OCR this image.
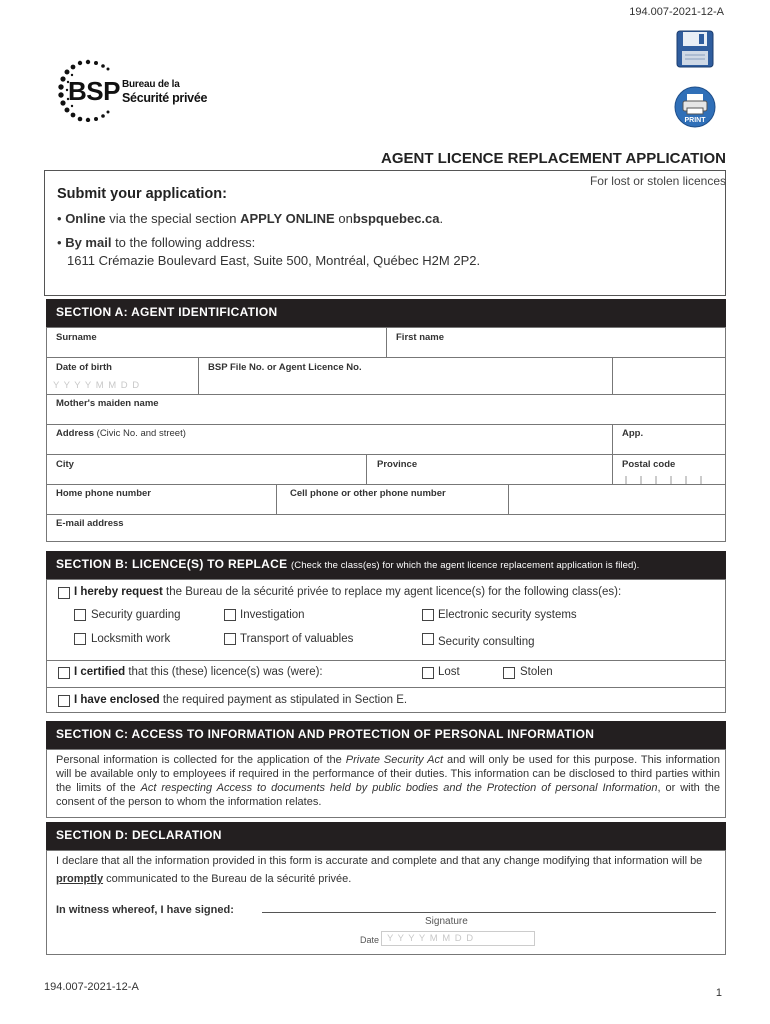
194.007-2021-12-A
BSP Bureau de la
Sécurité privée
PRINT
AGENT LICENCE REPLACEMENT APPLICATION
Submit your application:
• Online via the special section APPLY ONLINE onbspquebec.ca.
• By mail to the following address:
1611 Crémazie Boulevard East, Suite 500, Montréal, Québec H2M 2P2.
For lost or stolen licences
SECTION A: AGENT IDENTIFICATION
Surname	First name
Date of birth
Y Y Y Y M M D D
BSP File No. or Agent Licence No.
Mother's maiden name
Address (Civic No. and street)	App.
City	Province	Postal code
Home phone number	Cell phone or other phone number
E-mail address
SECTION B: LICENCE(S) TO REPLACE (Check the class(es) for which the agent licence replacement application is filed).
I hereby request the Bureau de la sécurité privée to replace my agent licence(s) for the following class(es):
Security guarding	Investigation	Electronic security systems
Locksmith work	Transport of valuables	Security consulting
I certified that this (these) licence(s) was (were):	Lost	Stolen
I have enclosed the required payment as stipulated in Section E.
SECTION C: ACCESS TO INFORMATION AND PROTECTION OF PERSONAL INFORMATION
Personal information is collected for the application of the Private Security Act and will only be used for this purpose. This information will be available only to employees if required in the performance of their duties. This information can be disclosed to third parties within the limits of the Act respecting Access to documents held by public bodies and the Protection of personal Information, or with the consent of the person to whom the information relates.
SECTION D: DECLARATION
I declare that all the information provided in this form is accurate and complete and that any change modifying that information will be promptly communicated to the Bureau de la sécurité privée.
In witness whereof, I have signed:
Signature
Date Y Y Y Y M M D D
194.007-2021-12-A	1
